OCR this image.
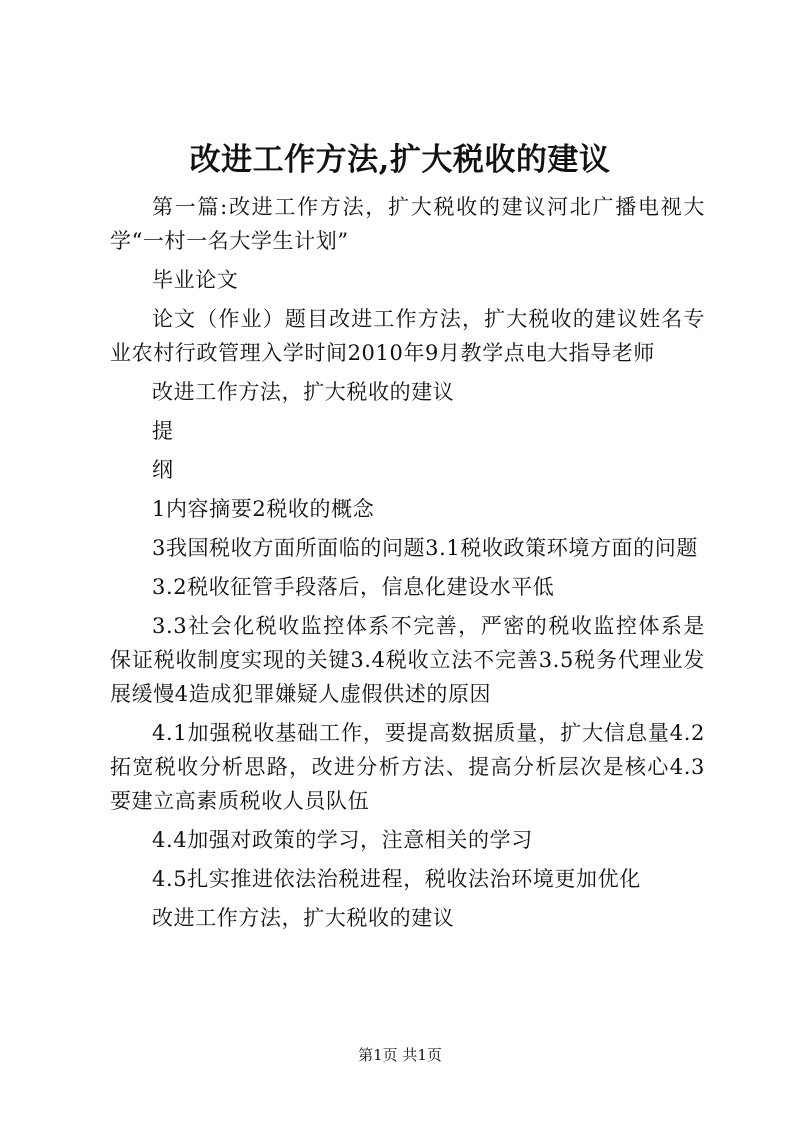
改进工作方法,扩大税收的建议

第一篇:改进工作方法，扩大税收的建议河北广播电视大学“一村一名大学生计划”

毕业论文

论文（作业）题目改进工作方法，扩大税收的建议姓名专业农村行政管理入学时间2010年9月教学点电大指导老师

改进工作方法，扩大税收的建议

提

纲

1内容摘要2税收的概念

3我国税收方面所面临的问题3.1税收政策环境方面的问题

3.2税收征管手段落后，信息化建设水平低

3.3社会化税收监控体系不完善，严密的税收监控体系是保证税收制度实现的关键3.4税收立法不完善3.5税务代理业发展缓慢4造成犯罪嫌疑人虚假供述的原因

4.1加强税收基础工作，要提高数据质量，扩大信息量4.2拓宽税收分析思路，改进分析方法、提高分析层次是核心4.3要建立高素质税收人员队伍

4.4加强对政策的学习，注意相关的学习

4.5扎实推进依法治税进程，税收法治环境更加优化

改进工作方法，扩大税收的建议

第1页 共1页
